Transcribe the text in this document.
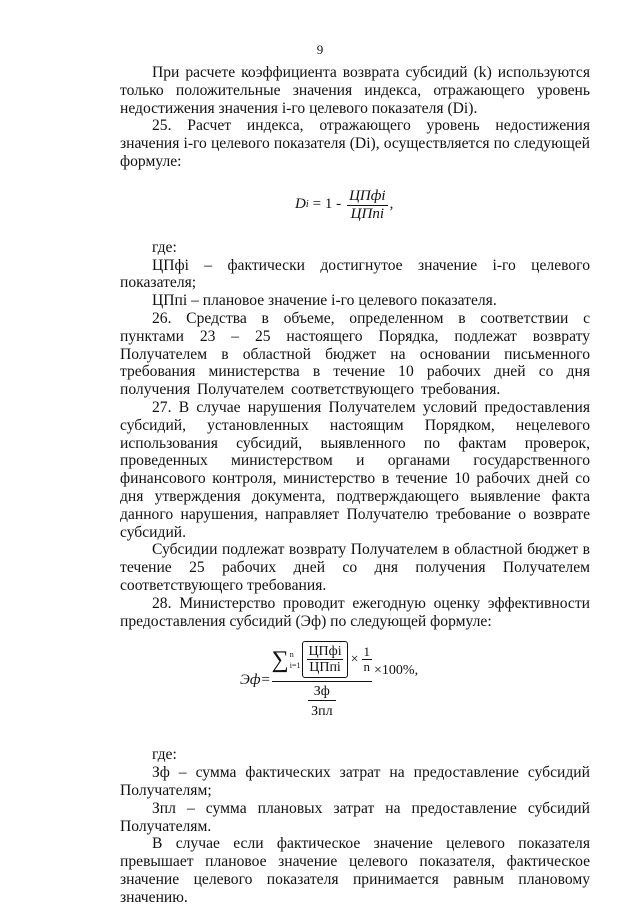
9

При расчете коэффициента возврата субсидий (k) используются только положительные значения индекса, отражающего уровень недостижения значения i-го целевого показателя (Di).

25. Расчет индекса, отражающего уровень недостижения значения i-го целевого показателя (Di), осуществляется по следующей формуле:

D $i = 1 - \frac{\text{ЦПфi}}{\text{ЦПпi}}$ ,

где:

ЦПфi – фактически достигнутое значение i-го целевого показателя;

ЦПпi – плановое значение i-го целевого показателя.

26. Средства в объеме, определенном в соответствии с пунктами 23 – 25 настоящего Порядка, подлежат возврату Получателем в областной бюджет на основании письменного требования министерства в течение 10 рабочих дней со дня получения Получателем соответствующего требования.

27. В случае нарушения Получателем условий предоставления субсидий, установленных настоящим Порядком, нецелевого использования субсидий, выявленного по фактам проверок, проведенных министерством и органами государственного финансового контроля, министерство в течение 10 рабочих дней со дня утверждения документа, подтверждающего выявление факта данного нарушения, направляет Получателю требование о возврате субсидий.

Субсидии подлежат возврату Получателем в областной бюджет в течение 25 рабочих дней со дня получения Получателем соответствующего требования.

28. Министерство проводит ежегодную оценку эффективности предоставления субсидий (Эф) по следующей формуле:

Эф=
∑ n
$i=1 \frac{\text{ЦПфi}}{\text{ЦПпi}} \times \frac{1}{n}$
Зф
Зпл
×100%,

где:

Зф – сумма фактических затрат на предоставление субсидий Получателям;

Зпл – сумма плановых затрат на предоставление субсидий Получателям.

В случае если фактическое значение целевого показателя превышает плановое значение целевого показателя, фактическое значение целевого показателя принимается равным плановому значению.
